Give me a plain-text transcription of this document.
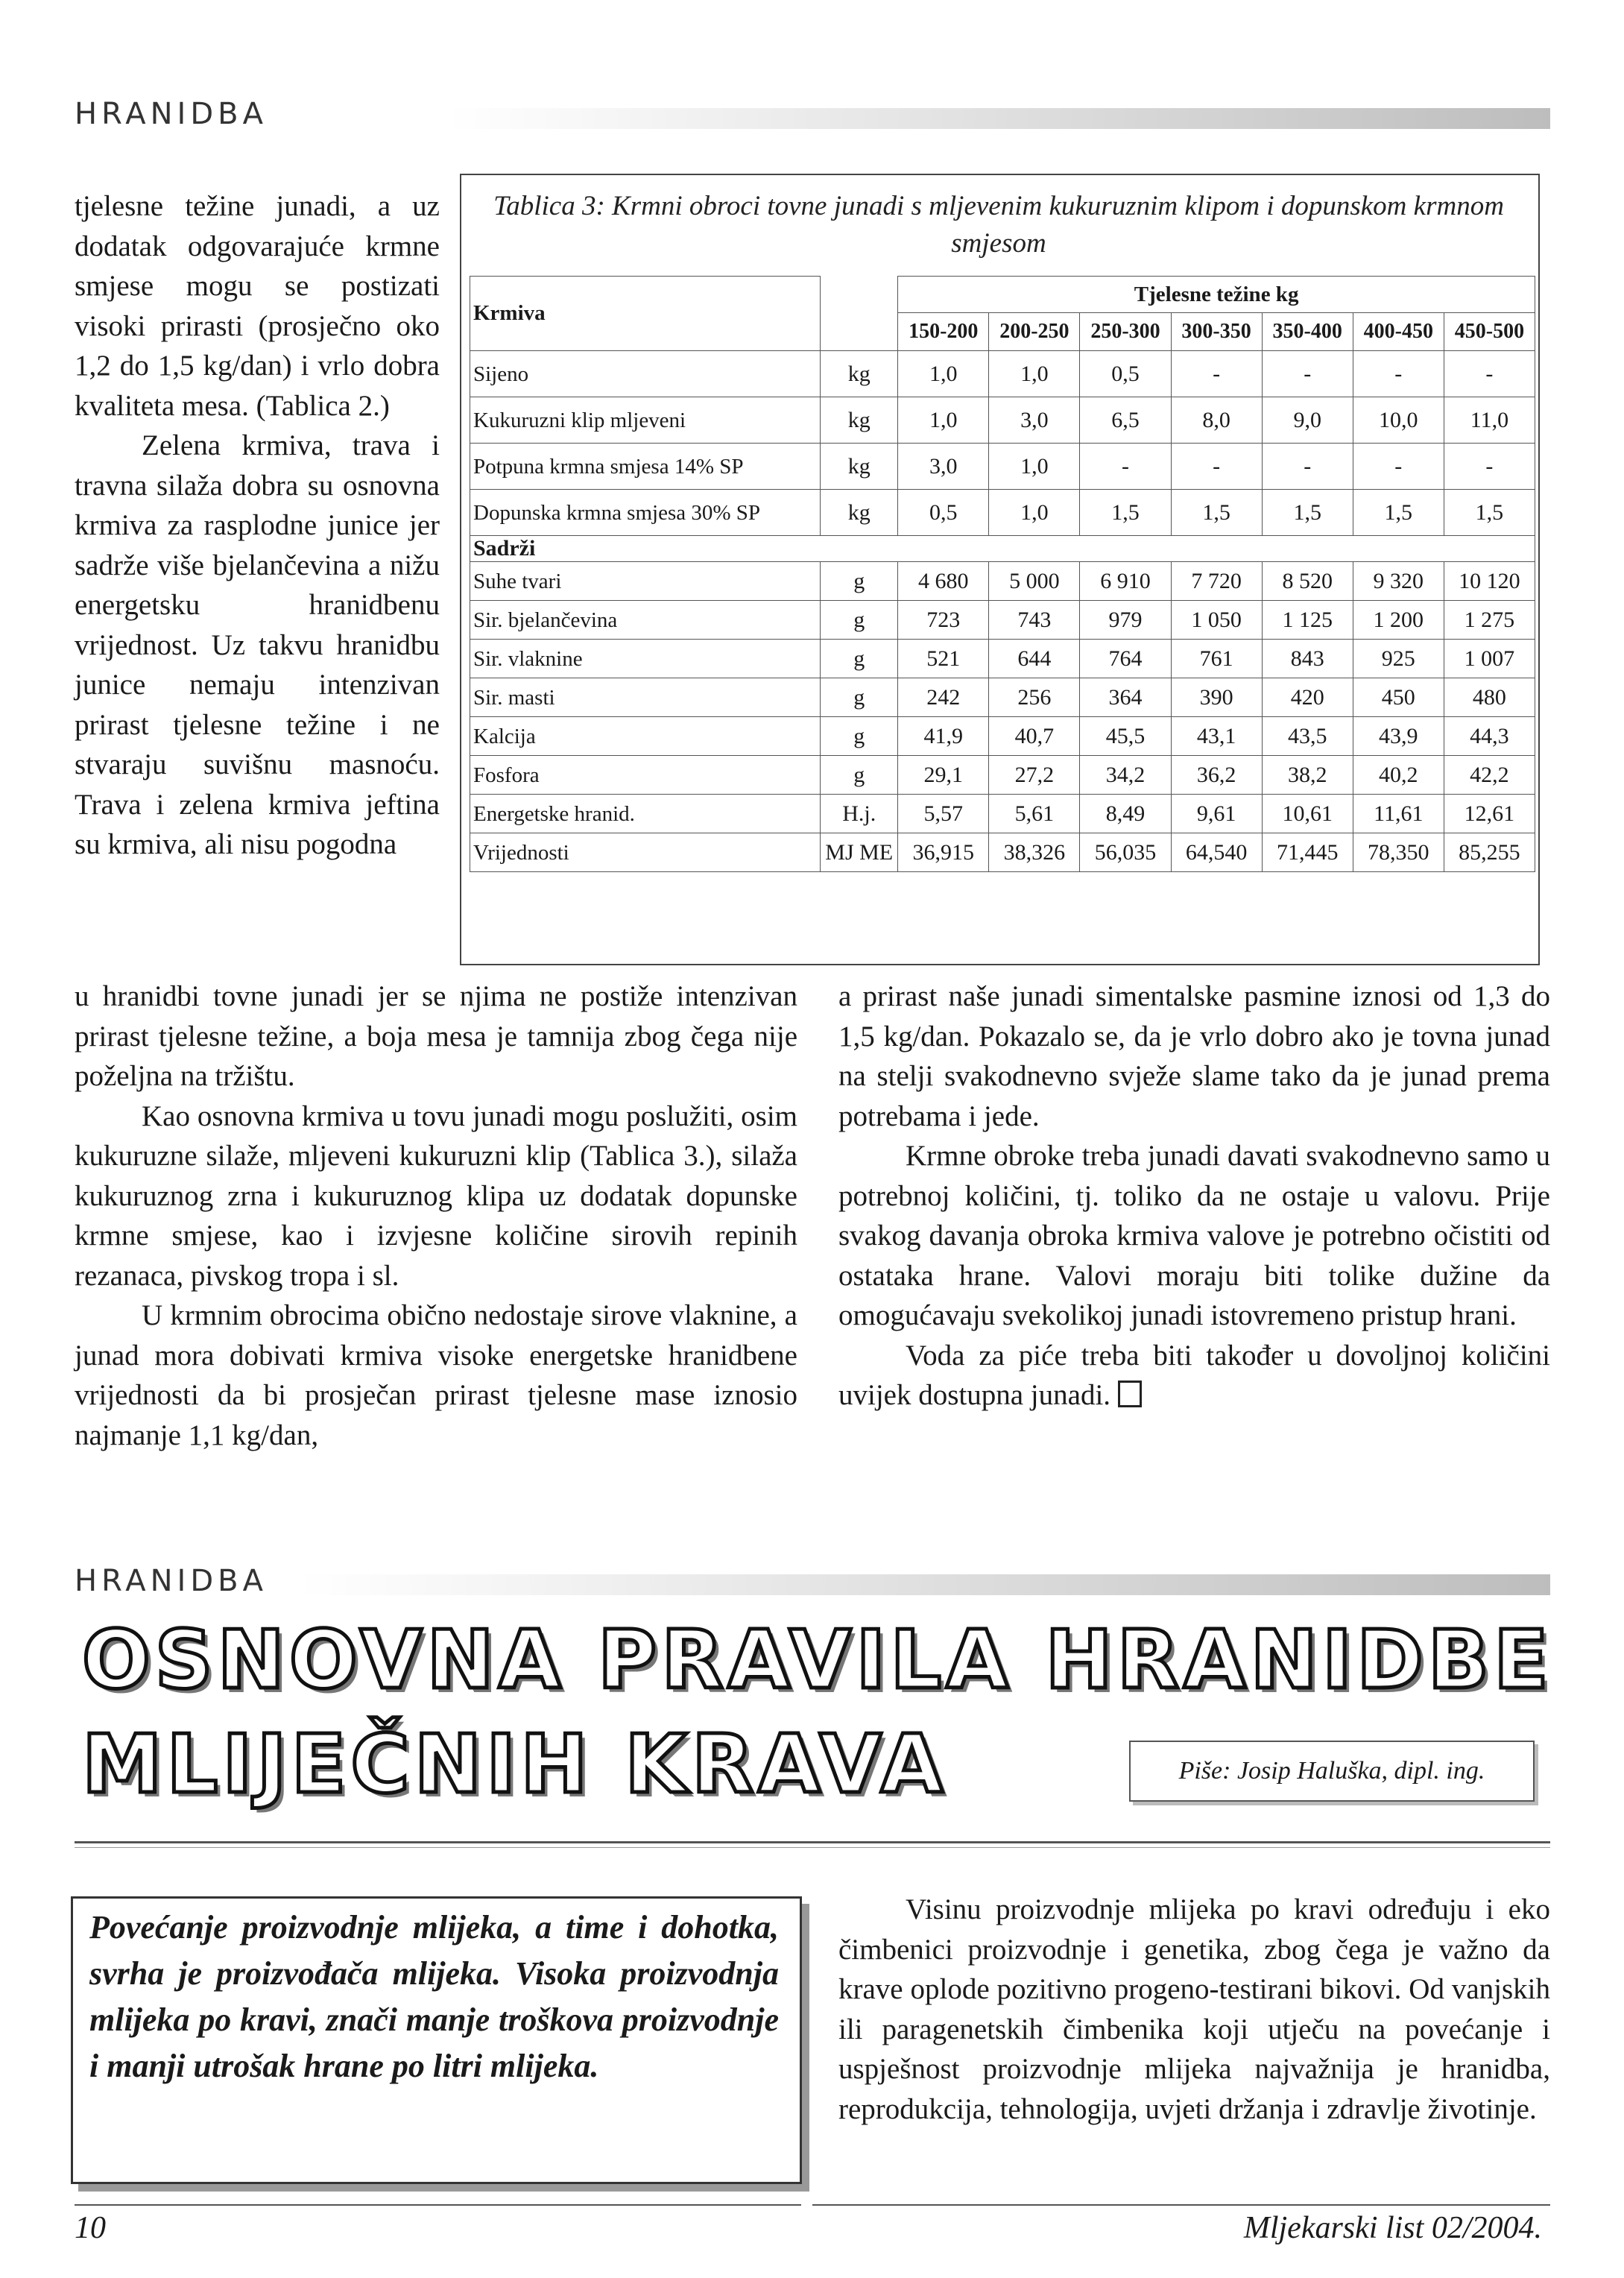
HRANIDBA

tjelesne težine junadi, a uz dodatak odgovarajuće krmne smjese mogu se postizati visoki prirasti (prosječno oko 1,2 do 1,5 kg/dan) i vrlo dobra kvaliteta mesa. (Tablica 2.)

Zelena krmiva, trava i travna silaža dobra su osnovna krmiva za rasplodne junice jer sadrže više bjelančevina a nižu energetsku hranidbenu vrijednost. Uz takvu hranidbu junice nemaju intenzivan prirast tjelesne težine i ne stvaraju suvišnu masnoću. Trava i zelena krmiva jeftina su krmiva, ali nisu pogodna

Tablica 3: Krmni obroci tovne junadi s mljevenim kukuruznim klipom i dopunskom krmnom smjesom
Krmiva		Tjelesne težine kg						
		150-200	200-250	250-300	300-350	350-400	400-450	450-500
Sijeno	kg	1,0	1,0	0,5	-	-	-	-
Kukuruzni klip mljeveni	kg	1,0	3,0	6,5	8,0	9,0	10,0	11,0
Potpuna krmna smjesa 14% SP	kg	3,0	1,0	-	-	-	-	-
Dopunska krmna smjesa 30% SP	kg	0,5	1,0	1,5	1,5	1,5	1,5	1,5
Sadrži								
Suhe tvari	g	4 680	5 000	6 910	7 720	8 520	9 320	10 120
Sir. bjelančevina	g	723	743	979	1 050	1 125	1 200	1 275
Sir. vlaknine	g	521	644	764	761	843	925	1 007
Sir. masti	g	242	256	364	390	420	450	480
Kalcija	g	41,9	40,7	45,5	43,1	43,5	43,9	44,3
Fosfora	g	29,1	27,2	34,2	36,2	38,2	40,2	42,2
Energetske hranid.	H.j.	5,57	5,61	8,49	9,61	10,61	11,61	12,61
Vrijednosti	MJ ME	36,915	38,326	56,035	64,540	71,445	78,350	85,255

u hranidbi tovne junadi jer se njima ne postiže intenzivan prirast tjelesne težine, a boja mesa je tamnija zbog čega nije poželjna na tržištu.

Kao osnovna krmiva u tovu junadi mogu poslužiti, osim kukuruzne silaže, mljeveni kukuruzni klip (Tablica 3.), silaža kukuruznog zrna i kukuruznog klipa uz dodatak dopunske krmne smjese, kao i izvjesne količine sirovih repinih rezanaca, pivskog tropa i sl.

U krmnim obrocima obično nedostaje sirove vlaknine, a junad mora dobivati krmiva visoke energetske hranidbene vrijednosti da bi prosječan prirast tjelesne mase iznosio najmanje 1,1 kg/dan,

a prirast naše junadi simentalske pasmine iznosi od 1,3 do 1,5 kg/dan. Pokazalo se, da je vrlo dobro ako je tovna junad na stelji svakodnevno svježe slame tako da je junad prema potrebama i jede.

Krmne obroke treba junadi davati svakodnevno samo u potrebnoj količini, tj. toliko da ne ostaje u valovu. Prije svakog davanja obroka krmiva valove je potrebno očistiti od ostataka hrane. Valovi moraju biti tolike dužine da omogućavaju svekolikoj junadi istovremeno pristup hrani.

Voda za piće treba biti također u dovoljnoj količini uvijek dostupna junadi.

HRANIDBA
OSNOVNA PRAVILA HRANIDBE
MLIJEČNIH KRAVA	Piše: Josip Haluška, dipl. ing.
Povećanje proizvodnje mlijeka, a time i dohotka, svrha je proizvođača mlijeka. Visoka proizvodnja mlijeka po kravi, znači manje troškova proizvodnje i manji utrošak hrane po litri mlijeka.

Visinu proizvodnje mlijeka po kravi određuju i eko čimbenici proizvodnje i genetika, zbog čega je važno da krave oplode pozitivno progeno-testirani bikovi. Od vanjskih ili paragenetskih čimbenika koji utječu na povećanje i uspješnost proizvodnje mlijeka najvažnija je hranidba, reprodukcija, tehnologija, uvjeti držanja i zdravlje životinje.

10	Mljekarski list 02/2004.
